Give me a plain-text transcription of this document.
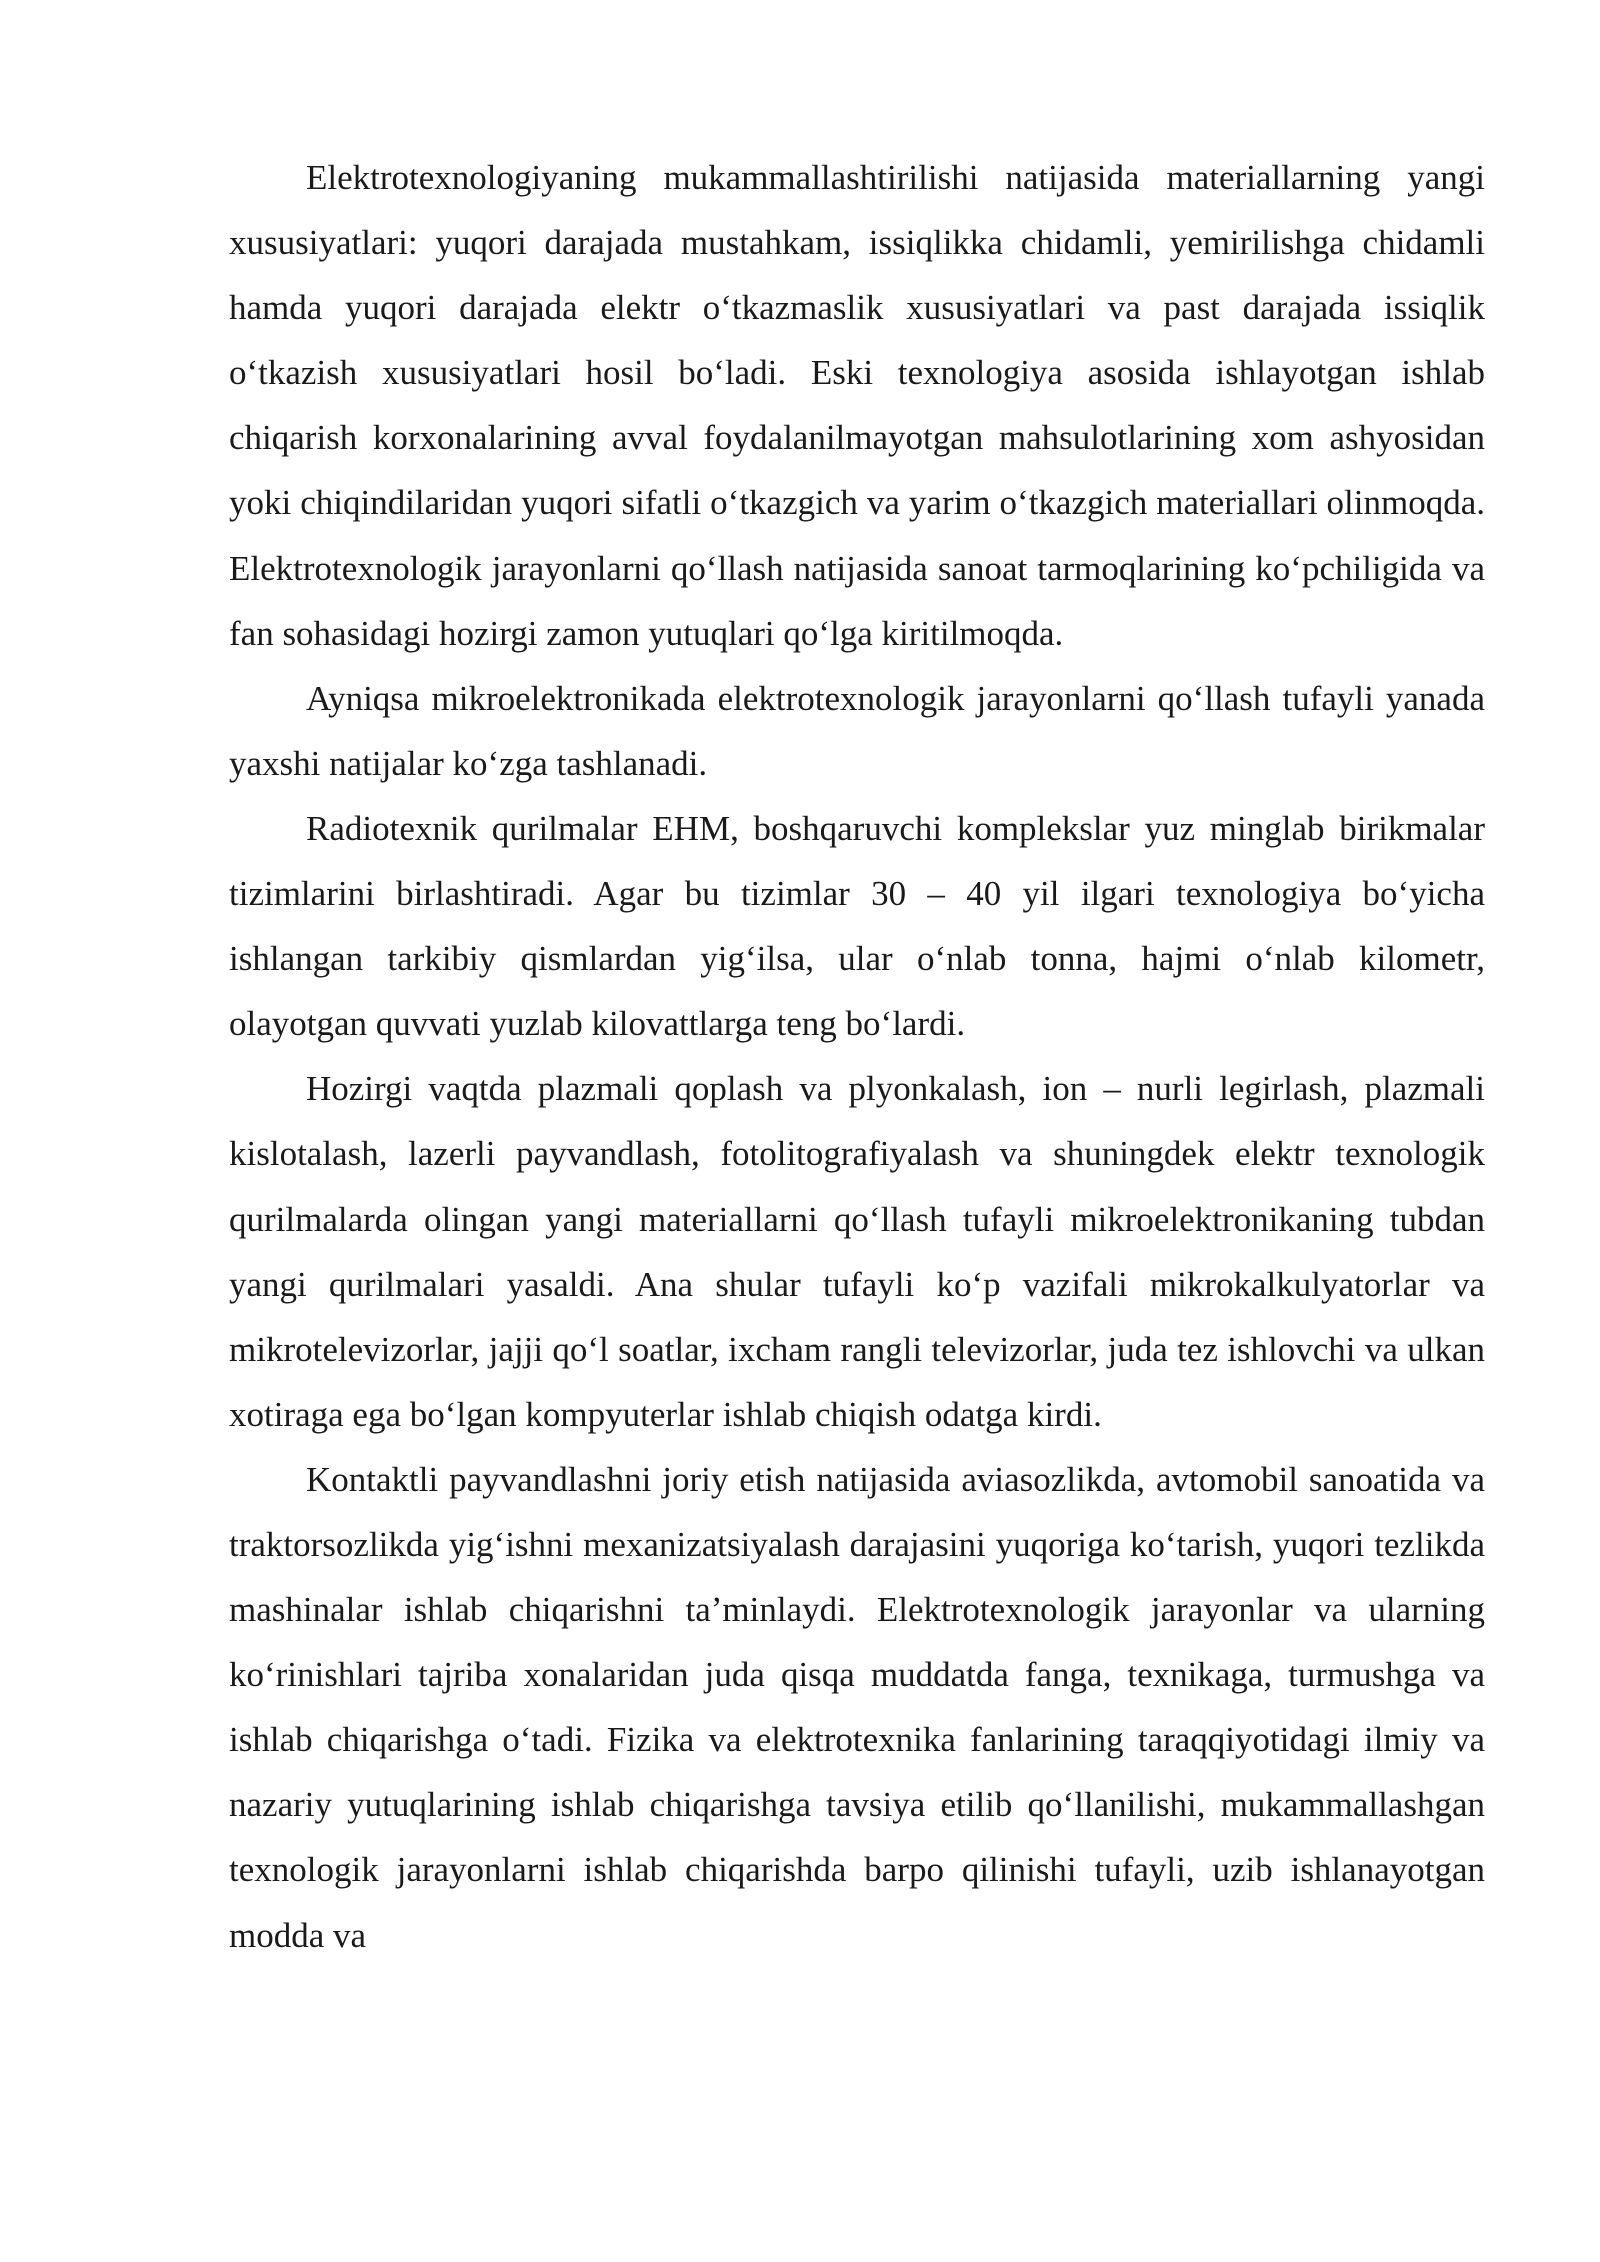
Elektrotexnologiyaning mukammallashtirilishi natijasida materiallarning yangi xususiyatlari: yuqori darajada mustahkam, issiqlikka chidamli, yemirilishga chidamli hamda yuqori darajada elektr oʻtkazmaslik xususiyatlari va past darajada issiqlik oʻtkazish xususiyatlari hosil boʻladi. Eski texnologiya asosida ishlayotgan ishlab chiqarish korxonalarining avval foydalanilmayotgan mahsulotlarining xom ashyosidan yoki chiqindilaridan yuqori sifatli oʻtkazgich va yarim oʻtkazgich materiallari olinmoqda. Elektrotexnologik jarayonlarni qoʻllash natijasida sanoat tarmoqlarining koʻpchiligida va fan sohasidagi hozirgi zamon yutuqlari qoʻlga kiritilmoqda.

Ayniqsa mikroelektronikada elektrotexnologik jarayonlarni qoʻllash tufayli yanada yaxshi natijalar koʻzga tashlanadi.

Radiotexnik qurilmalar EHM, boshqaruvchi komplekslar yuz minglab birikmalar tizimlarini birlashtiradi. Agar bu tizimlar 30 – 40 yil ilgari texnologiya boʻyicha ishlangan tarkibiy qismlardan yigʻilsa, ular oʻnlab tonna, hajmi oʻnlab kilometr, olayotgan quvvati yuzlab kilovattlarga teng boʻlardi.

Hozirgi vaqtda plazmali qoplash va plyonkalash, ion – nurli legirlash, plazmali kislotalash, lazerli payvandlash, fotolitografiyalash va shuningdek elektr texnologik qurilmalarda olingan yangi materiallarni qoʻllash tufayli mikroelektronikaning tubdan yangi qurilmalari yasaldi. Ana shular tufayli koʻp vazifali mikrokalkulyatorlar va mikrotelevizorlar, jajji qoʻl soatlar, ixcham rangli televizorlar, juda tez ishlovchi va ulkan xotiraga ega boʻlgan kompyuterlar ishlab chiqish odatga kirdi.

Kontaktli payvandlashni joriy etish natijasida aviasozlikda, avtomobil sanoatida va traktorsozlikda yigʻishni mexanizatsiyalash darajasini yuqoriga koʻtarish, yuqori tezlikda mashinalar ishlab chiqarishni taʼminlaydi. Elektrotexnologik jarayonlar va ularning koʻrinishlari tajriba xonalaridan juda qisqa muddatda fanga, texnikaga, turmushga va ishlab chiqarishga oʻtadi. Fizika va elektrotexnika fanlarining taraqqiyotidagi ilmiy va nazariy yutuqlarining ishlab chiqarishga tavsiya etilib qoʻllanilishi, mukammallashgan texnologik jarayonlarni ishlab chiqarishda barpo qilinishi tufayli, uzib ishlanayotgan modda va
